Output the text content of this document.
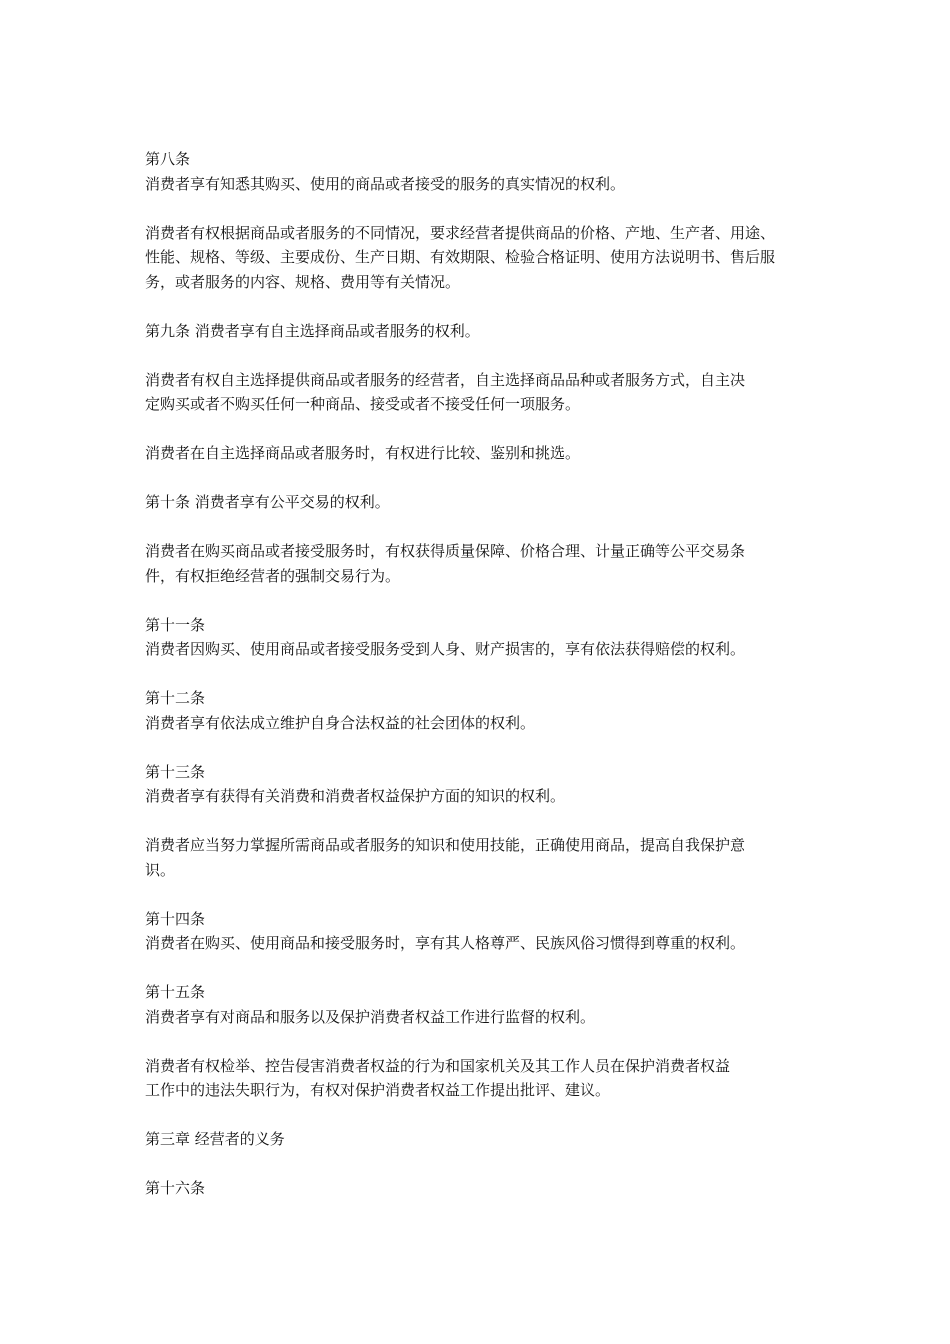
第八条
消费者享有知悉其购买、使用的商品或者接受的服务的真实情况的权利。
消费者有权根据商品或者服务的不同情况，要求经营者提供商品的价格、产地、生产者、用途、
性能、规格、等级、主要成份、生产日期、有效期限、检验合格证明、使用方法说明书、售后服
务，或者服务的内容、规格、费用等有关情况。
第九条 消费者享有自主选择商品或者服务的权利。
消费者有权自主选择提供商品或者服务的经营者，自主选择商品品种或者服务方式，自主决
定购买或者不购买任何一种商品、接受或者不接受任何一项服务。
消费者在自主选择商品或者服务时，有权进行比较、鉴别和挑选。
第十条 消费者享有公平交易的权利。
消费者在购买商品或者接受服务时，有权获得质量保障、价格合理、计量正确等公平交易条
件，有权拒绝经营者的强制交易行为。
第十一条
消费者因购买、使用商品或者接受服务受到人身、财产损害的，享有依法获得赔偿的权利。
第十二条
消费者享有依法成立维护自身合法权益的社会团体的权利。
第十三条
消费者享有获得有关消费和消费者权益保护方面的知识的权利。
消费者应当努力掌握所需商品或者服务的知识和使用技能，正确使用商品，提高自我保护意
识。
第十四条
消费者在购买、使用商品和接受服务时，享有其人格尊严、民族风俗习惯得到尊重的权利。
第十五条
消费者享有对商品和服务以及保护消费者权益工作进行监督的权利。
消费者有权检举、控告侵害消费者权益的行为和国家机关及其工作人员在保护消费者权益
工作中的违法失职行为，有权对保护消费者权益工作提出批评、建议。
第三章 经营者的义务
第十六条
